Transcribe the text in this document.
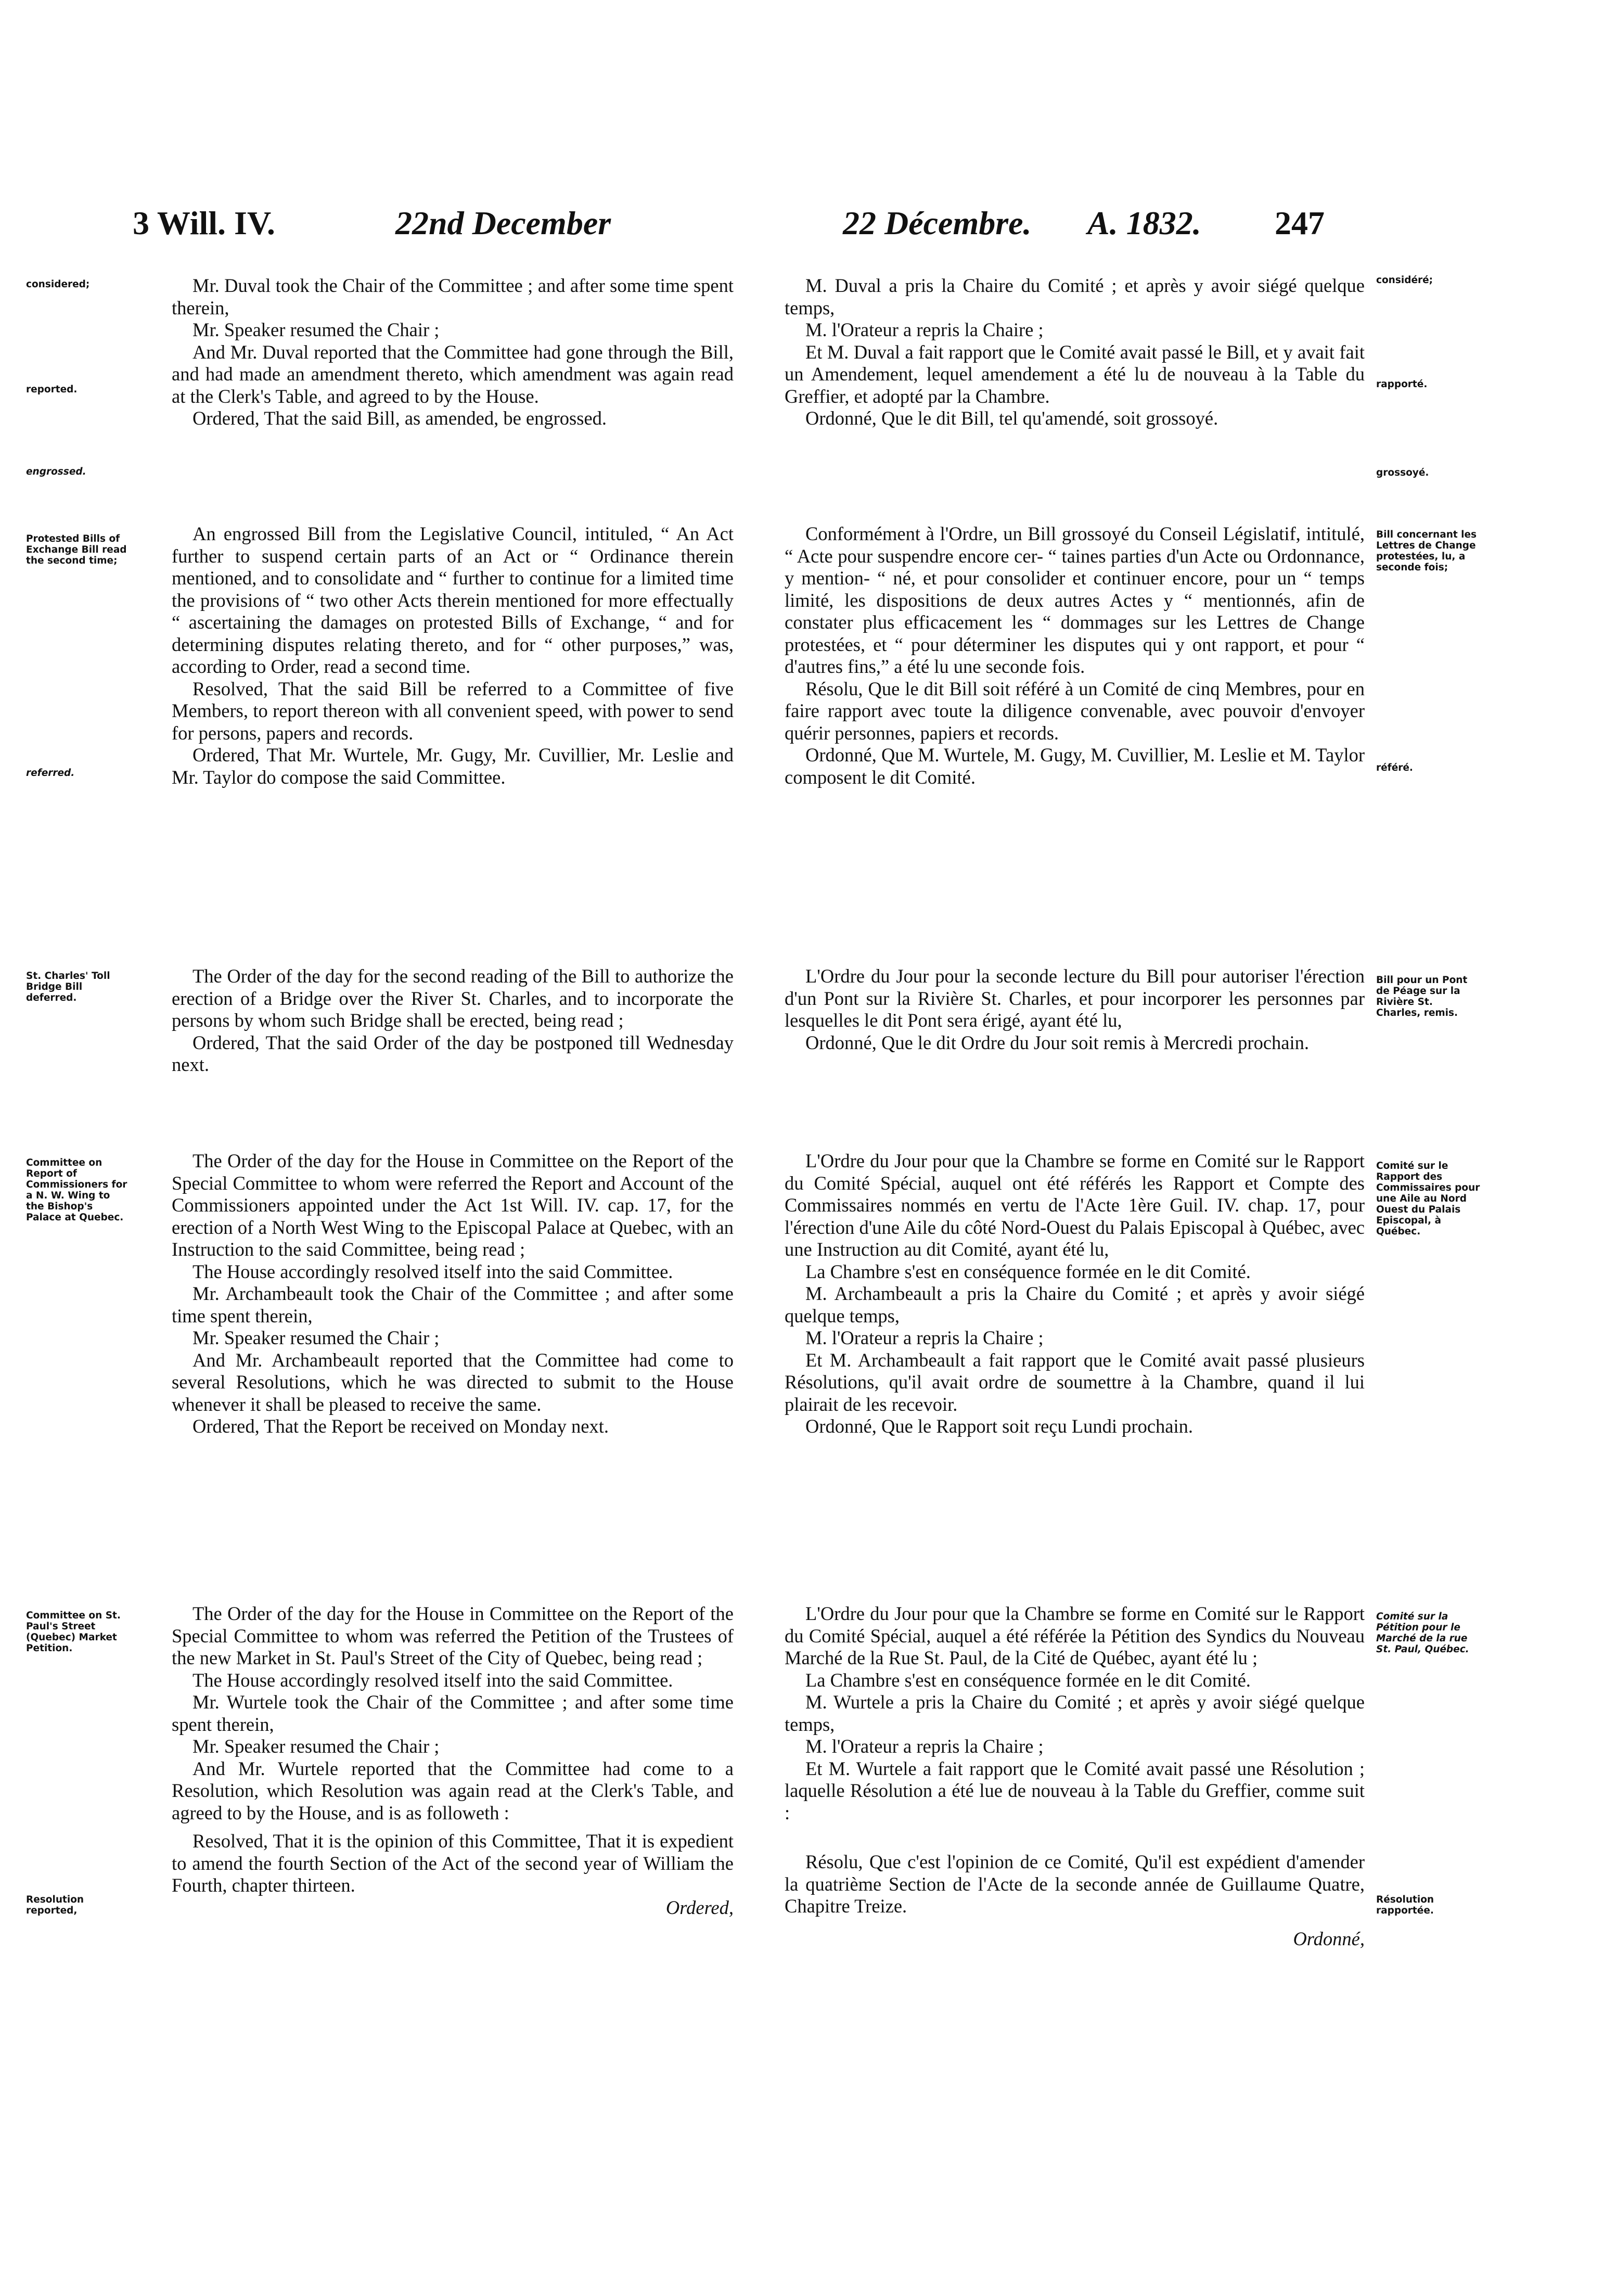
3 Will. IV.	22nd December	22 Décembre. A. 1832. 247
considered;
reported.
engrossed.

Mr. Duval took the Chair of the Committee ; and after some time spent therein,

Mr. Speaker resumed the Chair ;

And Mr. Duval reported that the Committee had gone through the Bill, and had made an amendment thereto, which amendment was again read at the Clerk's Table, and agreed to by the House.

Ordered, That the said Bill, as amended, be engrossed.

M. Duval a pris la Chaire du Comité ; et après y avoir siégé quelque temps,

M. l'Orateur a repris la Chaire ;

Et M. Duval a fait rapport que le Comité avait passé le Bill, et y avait fait un Amendement, lequel amendement a été lu de nouveau à la Table du Greffier, et adopté par la Chambre.

Ordonné, Que le dit Bill, tel qu'amendé, soit grossoyé.

considéré;
rapporté.
grossoyé.
Protested Bills of Exchange Bill read the second time;
referred.

An engrossed Bill from the Legislative Council, intituled, “ An Act further to suspend certain parts of an Act or “ Ordinance therein mentioned, and to consolidate and “ further to continue for a limited time the provisions of “ two other Acts therein mentioned for more effectually “ ascertaining the damages on protested Bills of Exchange, “ and for determining disputes relating thereto, and for “ other purposes,” was, according to Order, read a second time.

Resolved, That the said Bill be referred to a Committee of five Members, to report thereon with all convenient speed, with power to send for persons, papers and records.

Ordered, That Mr. Wurtele, Mr. Gugy, Mr. Cuvillier, Mr. Leslie and Mr. Taylor do compose the said Committee.

Conformément à l'Ordre, un Bill grossoyé du Conseil Législatif, intitulé, “ Acte pour suspendre encore cer- “ taines parties d'un Acte ou Ordonnance, y mention- “ né, et pour consolider et continuer encore, pour un “ temps limité, les dispositions de deux autres Actes y “ mentionnés, afin de constater plus efficacement les “ dommages sur les Lettres de Change protestées, et “ pour déterminer les disputes qui y ont rapport, et pour “ d'autres fins,” a été lu une seconde fois.

Résolu, Que le dit Bill soit référé à un Comité de cinq Membres, pour en faire rapport avec toute la diligence convenable, avec pouvoir d'envoyer quérir personnes, papiers et records.

Ordonné, Que M. Wurtele, M. Gugy, M. Cuvillier, M. Leslie et M. Taylor composent le dit Comité.

Bill concernant les Lettres de Change protestées, lu, a seconde fois;
référé.
St. Charles' Toll Bridge Bill deferred.

The Order of the day for the second reading of the Bill to authorize the erection of a Bridge over the River St. Charles, and to incorporate the persons by whom such Bridge shall be erected, being read ;

Ordered, That the said Order of the day be postponed till Wednesday next.

L'Ordre du Jour pour la seconde lecture du Bill pour autoriser l'érection d'un Pont sur la Rivière St. Charles, et pour incorporer les personnes par lesquelles le dit Pont sera érigé, ayant été lu,

Ordonné, Que le dit Ordre du Jour soit remis à Mercredi prochain.

Bill pour un Pont de Péage sur la Rivière St. Charles, remis.
Committee on Report of Commissioners for a N. W. Wing to the Bishop's Palace at Quebec.

The Order of the day for the House in Committee on the Report of the Special Committee to whom were referred the Report and Account of the Commissioners appointed under the Act 1st Will. IV. cap. 17, for the erection of a North West Wing to the Episcopal Palace at Quebec, with an Instruction to the said Committee, being read ;

The House accordingly resolved itself into the said Committee.

Mr. Archambeault took the Chair of the Committee ; and after some time spent therein,

Mr. Speaker resumed the Chair ;

And Mr. Archambeault reported that the Committee had come to several Resolutions, which he was directed to submit to the House whenever it shall be pleased to receive the same.

Ordered, That the Report be received on Monday next.

L'Ordre du Jour pour que la Chambre se forme en Comité sur le Rapport du Comité Spécial, auquel ont été référés les Rapport et Compte des Commissaires nommés en vertu de l'Acte 1ère Guil. IV. chap. 17, pour l'érection d'une Aile du côté Nord-Ouest du Palais Episcopal à Québec, avec une Instruction au dit Comité, ayant été lu,

La Chambre s'est en conséquence formée en le dit Comité.

M. Archambeault a pris la Chaire du Comité ; et après y avoir siégé quelque temps,

M. l'Orateur a repris la Chaire ;

Et M. Archambeault a fait rapport que le Comité avait passé plusieurs Résolutions, qu'il avait ordre de soumettre à la Chambre, quand il lui plairait de les recevoir.

Ordonné, Que le Rapport soit reçu Lundi prochain.

Comité sur le Rapport des Commissaires pour une Aile au Nord Ouest du Palais Episcopal, à Québec.
Committee on St. Paul's Street (Quebec) Market Petition.
Resolution reported,

The Order of the day for the House in Committee on the Report of the Special Committee to whom was referred the Petition of the Trustees of the new Market in St. Paul's Street of the City of Quebec, being read ;

The House accordingly resolved itself into the said Committee.

Mr. Wurtele took the Chair of the Committee ; and after some time spent therein,

Mr. Speaker resumed the Chair ;

And Mr. Wurtele reported that the Committee had come to a Resolution, which Resolution was again read at the Clerk's Table, and agreed to by the House, and is as followeth :

Resolved, That it is the opinion of this Committee, That it is expedient to amend the fourth Section of the Act of the second year of William the Fourth, chapter thirteen.

Ordered,

L'Ordre du Jour pour que la Chambre se forme en Comité sur le Rapport du Comité Spécial, auquel a été référée la Pétition des Syndics du Nouveau Marché de la Rue St. Paul, de la Cité de Québec, ayant été lu ;

La Chambre s'est en conséquence formée en le dit Comité.

M. Wurtele a pris la Chaire du Comité ; et après y avoir siégé quelque temps,

M. l'Orateur a repris la Chaire ;

Et M. Wurtele a fait rapport que le Comité avait passé une Résolution ; laquelle Résolution a été lue de nouveau à la Table du Greffier, comme suit :

Résolu, Que c'est l'opinion de ce Comité, Qu'il est expédient d'amender la quatrième Section de l'Acte de la seconde année de Guillaume Quatre, Chapitre Treize.

Ordonné,

Comité sur la Pétition pour le Marché de la rue St. Paul, Québec.
Résolution rapportée.
